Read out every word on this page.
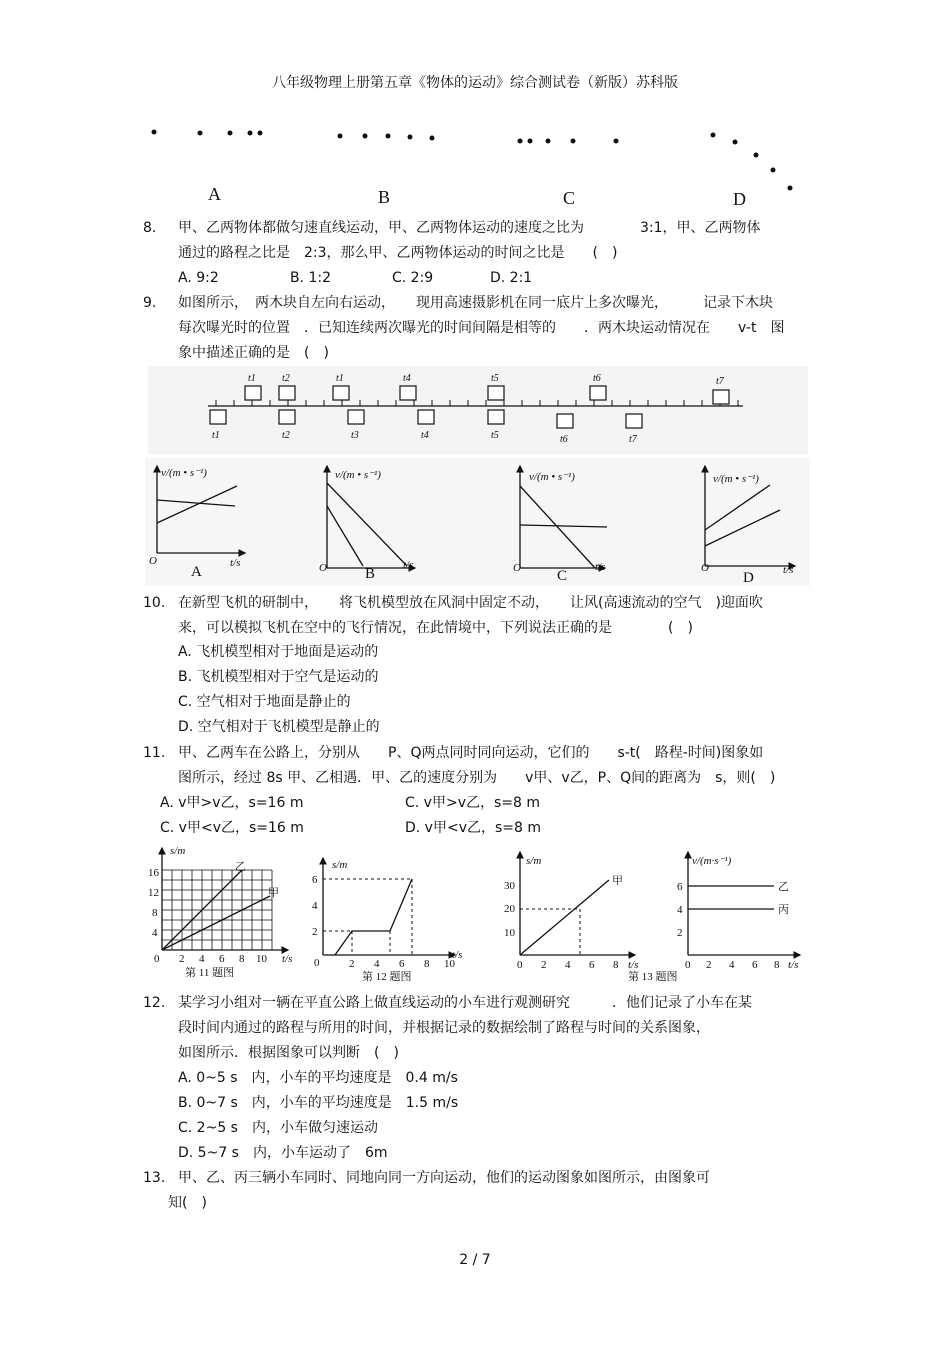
八年级物理上册第五章《物体的运动》综合测试卷（新版）苏科版
A	B	C	D
8. 甲、乙两物体都做匀速直线运动，甲、乙两物体运动的速度之比为　　　　3:1，甲、乙两物体
通过的路程之比是　2:3，那么甲、乙两物体运动的时间之比是　　(　)
A. 9:2	B. 1:2	C. 2:9	D. 2:1
9. 如图所示，　两木块自左向右运动，　　现用高速摄影机在同一底片上多次曝光，　　　记录下木块
每次曝光时的位置　．已知连续两次曝光的时间间隔是相等的　　．两木块运动情况在　　v-t　图
象中描述正确的是　(　)
t1	t2	t1	t4	t5	t6	t7
t1	t2	t3	t4	t5	t6	t7
v/(m • s⁻¹)	v/(m • s⁻¹)	v/(m • s⁻¹)	v/(m • s⁻¹)
t/s	t/s	t/s	t/s
O
O	O	O
A	B	C	D
10. 在新型飞机的研制中，　　将飞机模型放在风洞中固定不动，　　让风(高速流动的空气　)迎面吹
来，可以模拟飞机在空中的飞行情况，在此情境中，下列说法正确的是　　　　(　)
A. 飞机模型相对于地面是运动的
B. 飞机模型相对于空气是运动的
C. 空气相对于地面是静止的
D. 空气相对于飞机模型是静止的
11. 甲、乙两车在公路上，分别从　　P、Q两点同时同向运动，它们的　　s-t(　路程-时间)图象如
图所示，经过 8s 甲、乙相遇．甲、乙的速度分别为　　v甲、v乙，P、Q间的距离为　s，则(　)
A. v甲>v乙，s=16 m	C. v甲>v乙，s=8 m
C. v甲<v乙，s=16 m	D. v甲<v乙，s=8 m
s/m
16
12
8
4
0 2 4 6 8 10 t/s
乙
甲
第 11 题图
s/m
6
4
2
0	2 4 6 8 10
t/s
第 12 题图
s/m
30
20
10
0 2 4 6 8 t/s
甲
第 13 题图
v/(m·s⁻¹)
6
4
2
0 2 4 6 8 t/s
乙
丙
12. 某学习小组对一辆在平直公路上做直线运动的小车进行观测研究　　　．他们记录了小车在某
段时间内通过的路程与所用的时间，并根据记录的数据绘制了路程与时间的关系图象，
如图所示．根据图象可以判断　(　)
A. 0~5 s　内，小车的平均速度是　0.4 m/s
B. 0~7 s　内，小车的平均速度是　1.5 m/s
C. 2~5 s　内，小车做匀速运动
D. 5~7 s　内，小车运动了　6m
13. 甲、乙、丙三辆小车同时、同地向同一方向运动，他们的运动图象如图所示，由图象可
知(　)
2 / 7
